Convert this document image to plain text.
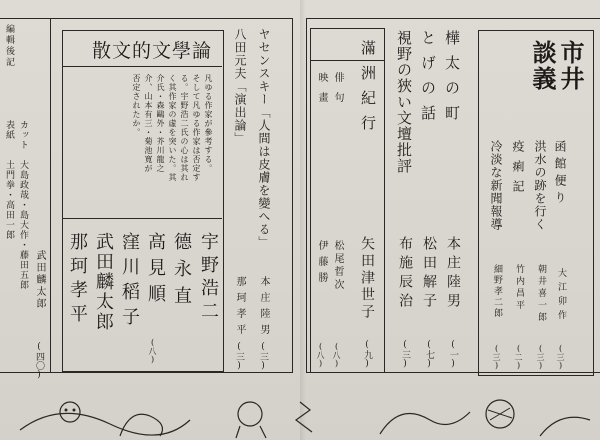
編輯後記
表紙
土門拳・高田一郎
カット
大島政哉・島大作・藤田五郎 武田麟太郎
(四〇)
散文的文學論
凡ゆる作家が參考する。
そして凡ゆる作家は否定す
る。宇野浩二氏の心は其れ
く其作家の虛を突いた。其
介氏・森鷗外・芥川龍之
介、山本有三・菊池寛が
否定されたか。
宇野浩二
德永直
高見順
(八)
窪川稻子
武田麟太郎
那珂孝平
ヤセンスキー「人間は皮膚を變へる」
本庄陸男
(三)
八田元夫「演出論」
那珂孝平
(三)
市井
談義
函館便り
大江卯作
(三)
洪水の跡を行く
朝井喜一郎
(三)
疫痢記
竹内昌平
(二)
冷淡な新聞報導
細野孝二郎
(三)
樺太の町
本庄陸男
(一)
とげの話
松田解子
(七)
視野の狹い文壇批評
布施辰治
(三)
滿洲紀行
矢田津世子
(九)
俳句
松尾晢次
(八)
映畫
伊藤勝
(八)
